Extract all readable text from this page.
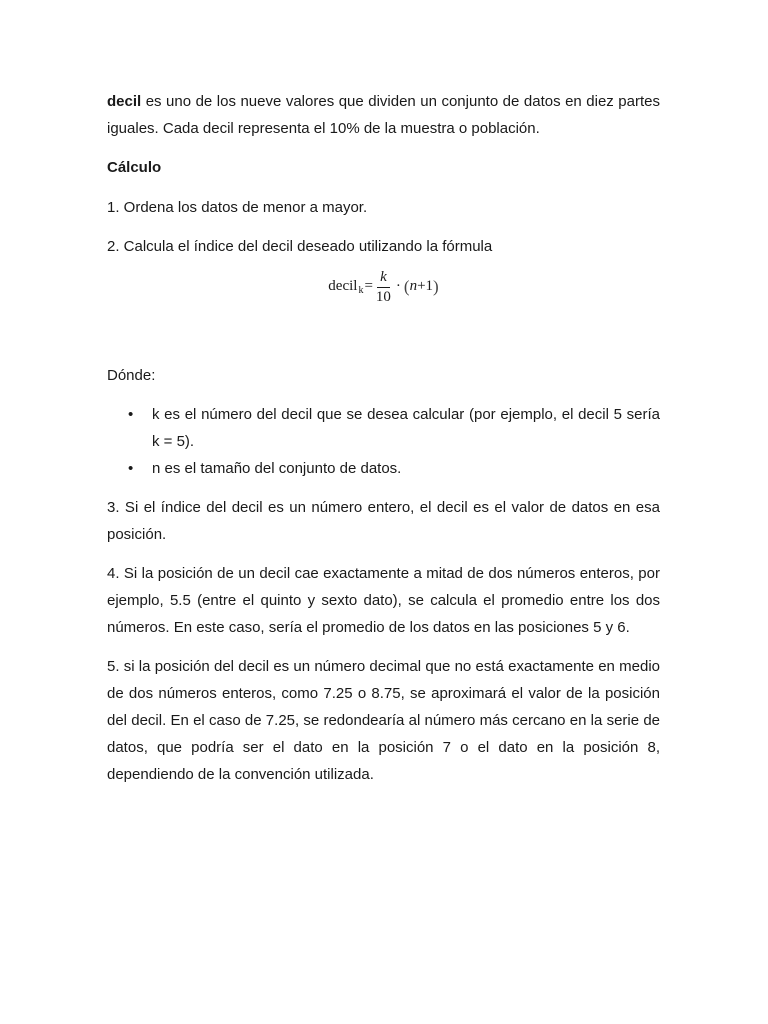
decil es uno de los nueve valores que dividen un conjunto de datos en diez partes iguales. Cada decil representa el 10% de la muestra o población.

Cálculo

1. Ordena los datos de menor a mayor.

2. Calcula el índice del decil deseado utilizando la fórmula

decil $k = \frac{k}{10}$ · ( n +1 )

Dónde:

• k es el número del decil que se desea calcular (por ejemplo, el decil 5 sería k = 5).
• n es el tamaño del conjunto de datos.

3. Si el índice del decil es un número entero, el decil es el valor de datos en esa posición.

4. Si la posición de un decil cae exactamente a mitad de dos números enteros, por ejemplo, 5.5 (entre el quinto y sexto dato), se calcula el promedio entre los dos números. En este caso, sería el promedio de los datos en las posiciones 5 y 6.

5. si la posición del decil es un número decimal que no está exactamente en medio de dos números enteros, como 7.25 o 8.75, se aproximará el valor de la posición del decil. En el caso de 7.25, se redondearía al número más cercano en la serie de datos, que podría ser el dato en la posición 7 o el dato en la posición 8, dependiendo de la convención utilizada.
